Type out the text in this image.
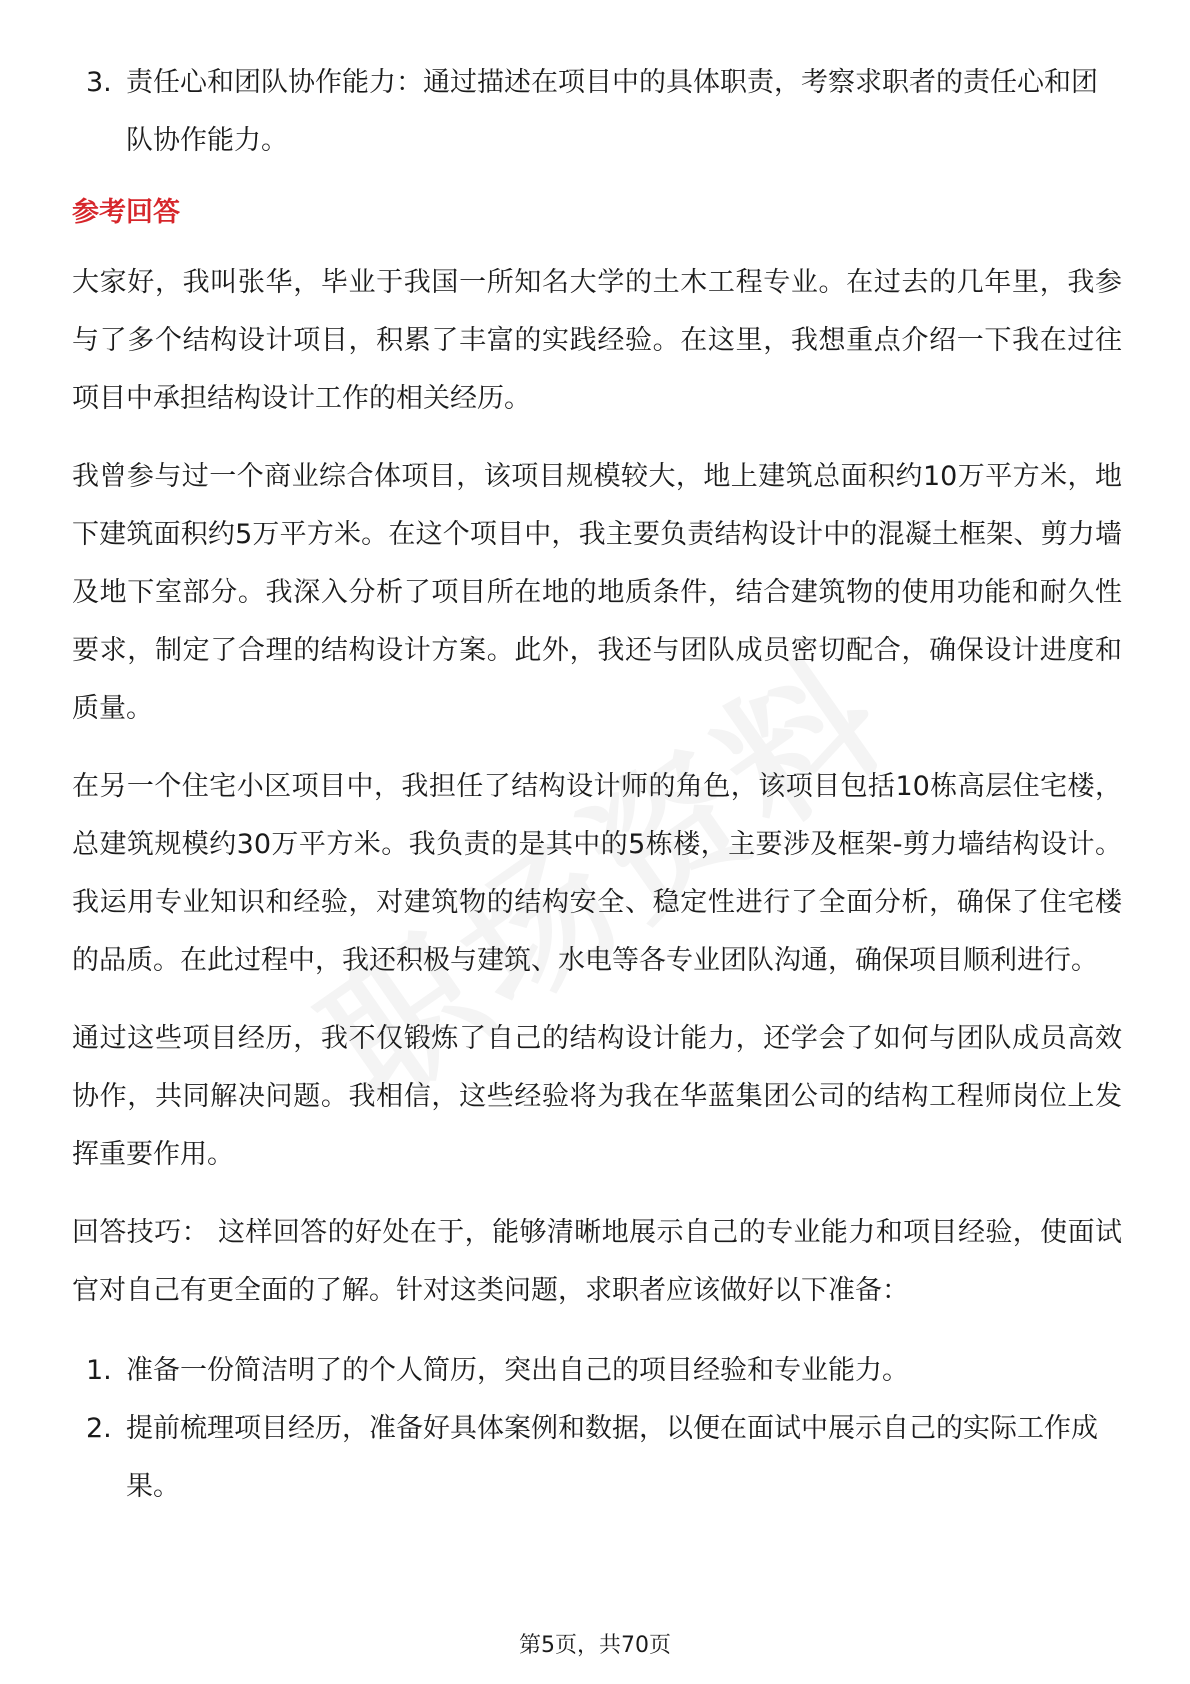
3. 责任心和团队协作能力：通过描述在项目中的具体职责，考察求职者的责任心和团队协作能力。
参考回答
大家好，我叫张华，毕业于我国一所知名大学的土木工程专业。在过去的几年里，我参与了多个结构设计项目，积累了丰富的实践经验。在这里，我想重点介绍一下我在过往项目中承担结构设计工作的相关经历。
我曾参与过一个商业综合体项目，该项目规模较大，地上建筑总面积约10万平方米，地下建筑面积约5万平方米。在这个项目中，我主要负责结构设计中的混凝土框架、剪力墙及地下室部分。我深入分析了项目所在地的地质条件，结合建筑物的使用功能和耐久性要求，制定了合理的结构设计方案。此外，我还与团队成员密切配合，确保设计进度和质量。
在另一个住宅小区项目中，我担任了结构设计师的角色，该项目包括10栋高层住宅楼，总建筑规模约30万平方米。我负责的是其中的5栋楼，主要涉及框架-剪力墙结构设计。我运用专业知识和经验，对建筑物的结构安全、稳定性进行了全面分析，确保了住宅楼的品质。在此过程中，我还积极与建筑、水电等各专业团队沟通，确保项目顺利进行。
通过这些项目经历，我不仅锻炼了自己的结构设计能力，还学会了如何与团队成员高效协作，共同解决问题。我相信，这些经验将为我在华蓝集团公司的结构工程师岗位上发挥重要作用。
回答技巧： 这样回答的好处在于，能够清晰地展示自己的专业能力和项目经验，使面试官对自己有更全面的了解。针对这类问题，求职者应该做好以下准备：
1. 准备一份简洁明了的个人简历，突出自己的项目经验和专业能力。
2. 提前梳理项目经历，准备好具体案例和数据，以便在面试中展示自己的实际工作成果。
第5页，共70页
